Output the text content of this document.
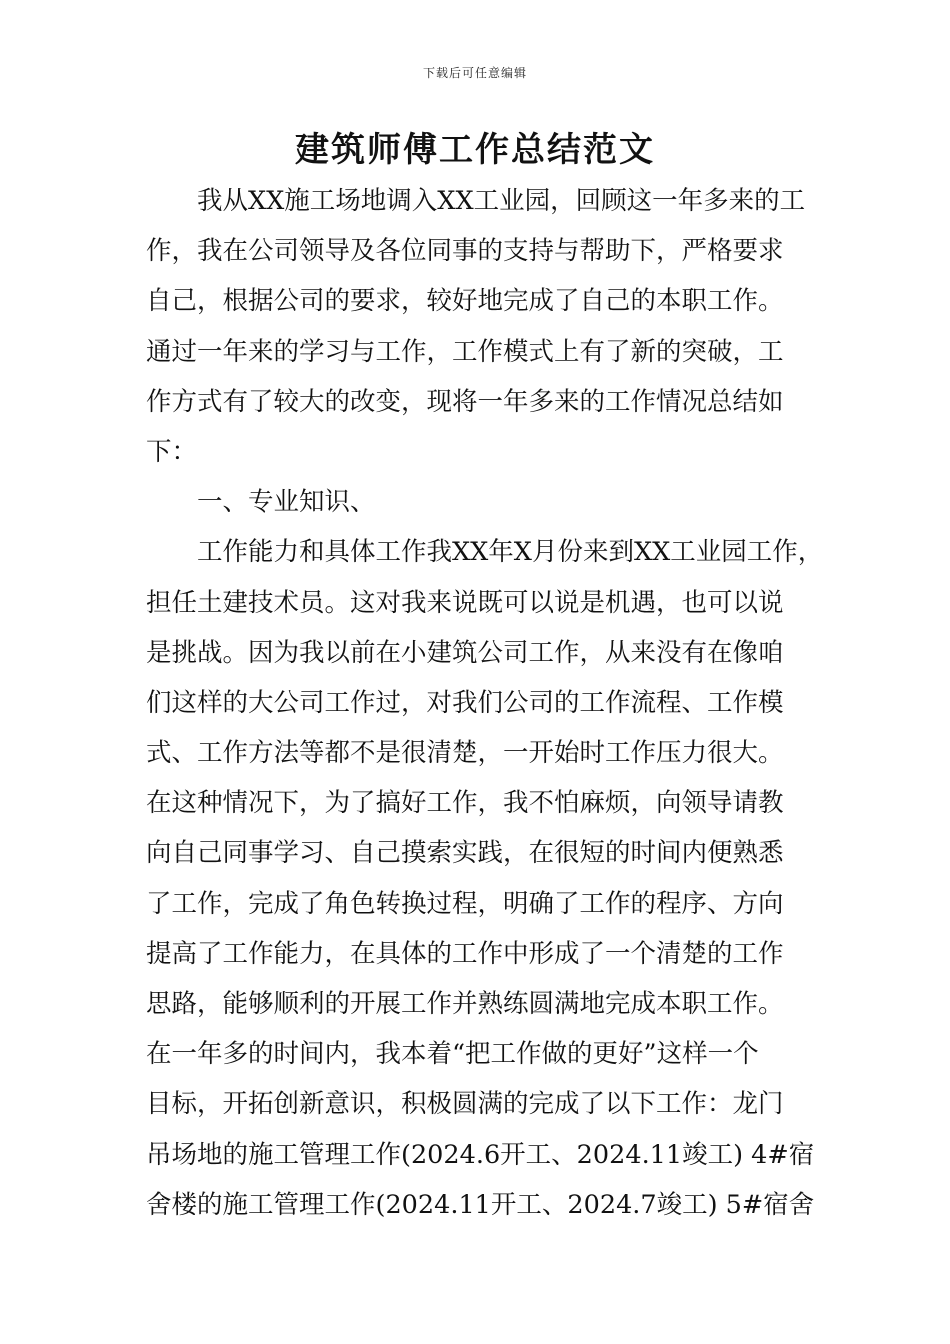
下载后可任意编辑
建筑师傅工作总结范文
我从XX施工场地调入XX工业园，回顾这一年多来的工
作，我在公司领导及各位同事的支持与帮助下，严格要求
自己，根据公司的要求，较好地完成了自己的本职工作。
通过一年来的学习与工作，工作模式上有了新的突破，工
作方式有了较大的改变，现将一年多来的工作情况总结如
下：
一、专业知识、
工作能力和具体工作我XX年X月份来到XX工业园工作，
担任土建技术员。这对我来说既可以说是机遇，也可以说
是挑战。因为我以前在小建筑公司工作，从来没有在像咱
们这样的大公司工作过，对我们公司的工作流程、工作模
式、工作方法等都不是很清楚，一开始时工作压力很大。
在这种情况下，为了搞好工作，我不怕麻烦，向领导请教
向自己同事学习、自己摸索实践，在很短的时间内便熟悉
了工作，完成了角色转换过程，明确了工作的程序、方向
提高了工作能力，在具体的工作中形成了一个清楚的工作
思路，能够顺利的开展工作并熟练圆满地完成本职工作。
在一年多的时间内，我本着“把工作做的更好”这样一个
目标，开拓创新意识，积极圆满的完成了以下工作：龙门
吊场地的施工管理工作(2024.6开工、2024.11竣工) 4#宿
舍楼的施工管理工作(2024.11开工、2024.7竣工) 5#宿舍
